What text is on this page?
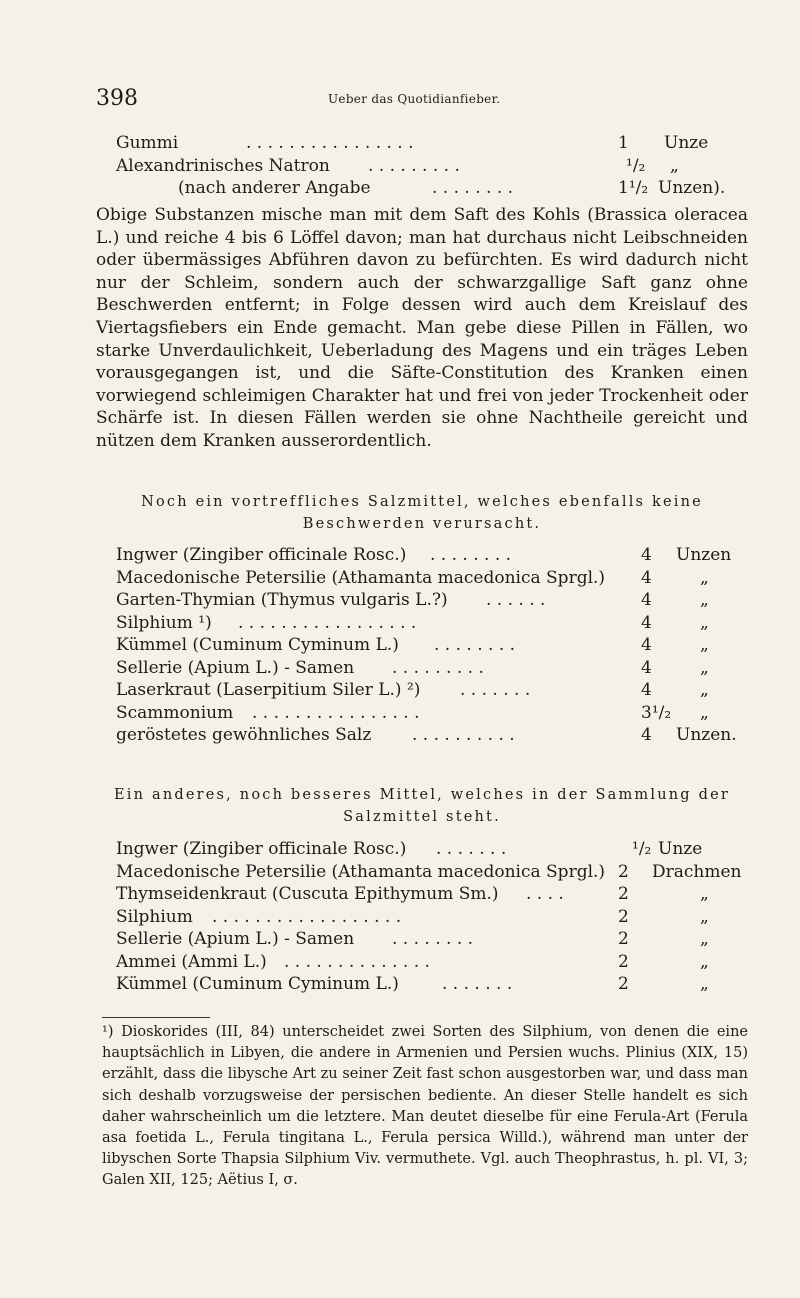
398	Ueber das Quotidianfieber.
Gummi	. . . . . . . . . . . . . . . .	1 Unze
Alexandrinisches Natron . . . . . . . . .	¹/₂ „
(nach anderer Angabe	. . . . . . . .	1¹/₂ Unzen).

Obige Substanzen mische man mit dem Saft des Kohls (Brassica oleracea L.) und reiche 4 bis 6 Löffel davon; man hat durchaus nicht Leibschneiden oder übermässiges Abführen davon zu befürchten. Es wird dadurch nicht nur der Schleim, sondern auch der schwarzgallige Saft ganz ohne Beschwerden entfernt; in Folge dessen wird auch dem Kreislauf des Viertagsfiebers ein Ende gemacht. Man gebe diese Pillen in Fällen, wo starke Unverdaulichkeit, Ueberladung des Magens und ein träges Leben vorausgegangen ist, und die Säfte-Constitution des Kranken einen vorwiegend schleimigen Charakter hat und frei von jeder Trockenheit oder Schärfe ist. In diesen Fällen werden sie ohne Nachtheile gereicht und nützen dem Kranken ausserordentlich.

Noch ein vortreffliches Salzmittel, welches ebenfalls keine Beschwerden verursacht.
Ingwer (Zingiber officinale Rosc.) . . . . . . . .	4 Unzen
Macedonische Petersilie (Athamanta macedonica Sprgl.) 4	„
Garten-Thymian (Thymus vulgaris L.?) . . . . . .	4	„
Silphium ¹) . . . . . . . . . . . . . . . . .	4	„
Kümmel (Cuminum Cyminum L.) . . . . . . . .	4	„
Sellerie (Apium L.) - Samen . . . . . . . . .	4	„
Laserkraut (Laserpitium Siler L.) ²) . . . . . . .	4	„
Scammonium . . . . . . . . . . . . . . . .	3¹/₂ „
geröstetes gewöhnliches Salz . . . . . . . . . .	4 Unzen.
Ein anderes, noch besseres Mittel, welches in der Sammlung der Salzmittel steht.
Ingwer (Zingiber officinale Rosc.) . . . . . . .	¹/₂ Unze
Macedonische Petersilie (Athamanta macedonica Sprgl.) 2 Drachmen
Thymseidenkraut (Cuscuta Epithymum Sm.) . . . .	2	„
Silphium . . . . . . . . . . . . . . . . . .	2	„
Sellerie (Apium L.) - Samen . . . . . . . .	2	„
Ammei (Ammi L.) . . . . . . . . . . . . . .	2	„
Kümmel (Cuminum Cyminum L.)	. . . . . . .	2	„

¹) Dioskorides (III, 84) unterscheidet zwei Sorten des Silphium, von denen die eine hauptsächlich in Libyen, die andere in Armenien und Persien wuchs. Plinius (XIX, 15) erzählt, dass die libysche Art zu seiner Zeit fast schon ausgestorben war, und dass man sich deshalb vorzugsweise der persischen bediente. An dieser Stelle handelt es sich daher wahrscheinlich um die letztere. Man deutet dieselbe für eine Ferula-Art (Ferula asa foetida L., Ferula tingitana L., Ferula persica Willd.), während man unter der libyschen Sorte Thapsia Silphium Viv. vermuthete. Vgl. auch Theophrastus, h. pl. VI, 3; Galen XII, 125; Aëtius I, σ.
